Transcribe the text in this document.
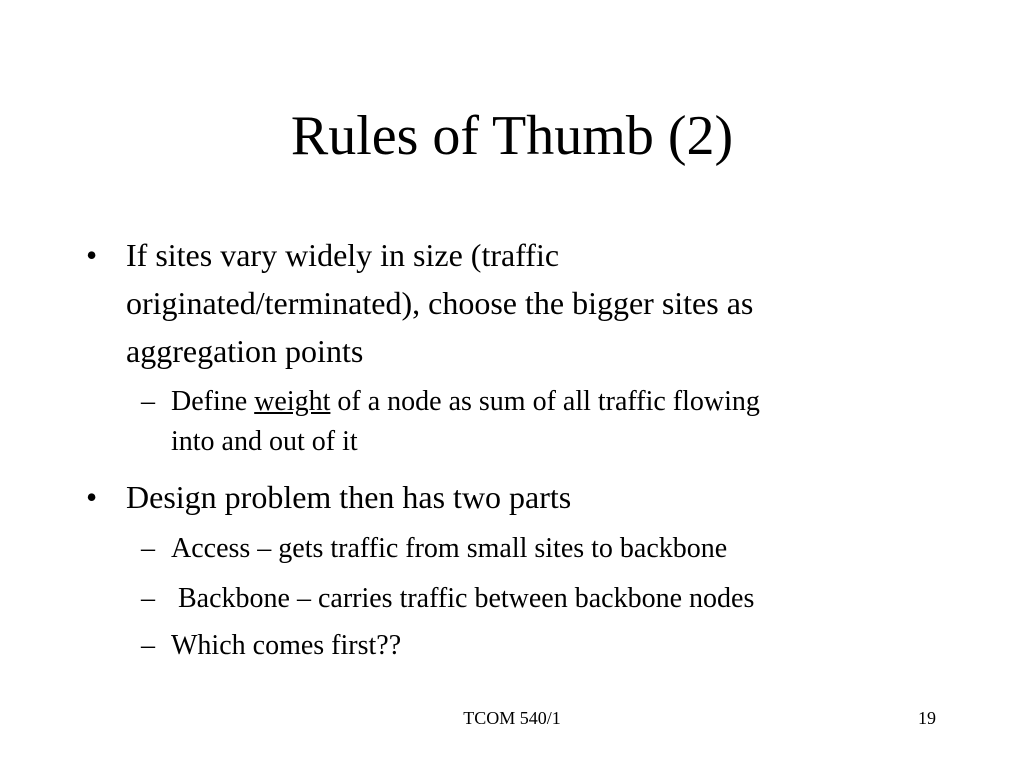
Rules of Thumb (2)
• If sites vary widely in size (traffic
originated/terminated), choose the bigger sites as
aggregation points
– Define weight of a node as sum of all traffic flowing
into and out of it
• Design problem then has two parts
– Access – gets traffic from small sites to backbone
– Backbone – carries traffic between backbone nodes
– Which comes first??
TCOM 540/1	19
